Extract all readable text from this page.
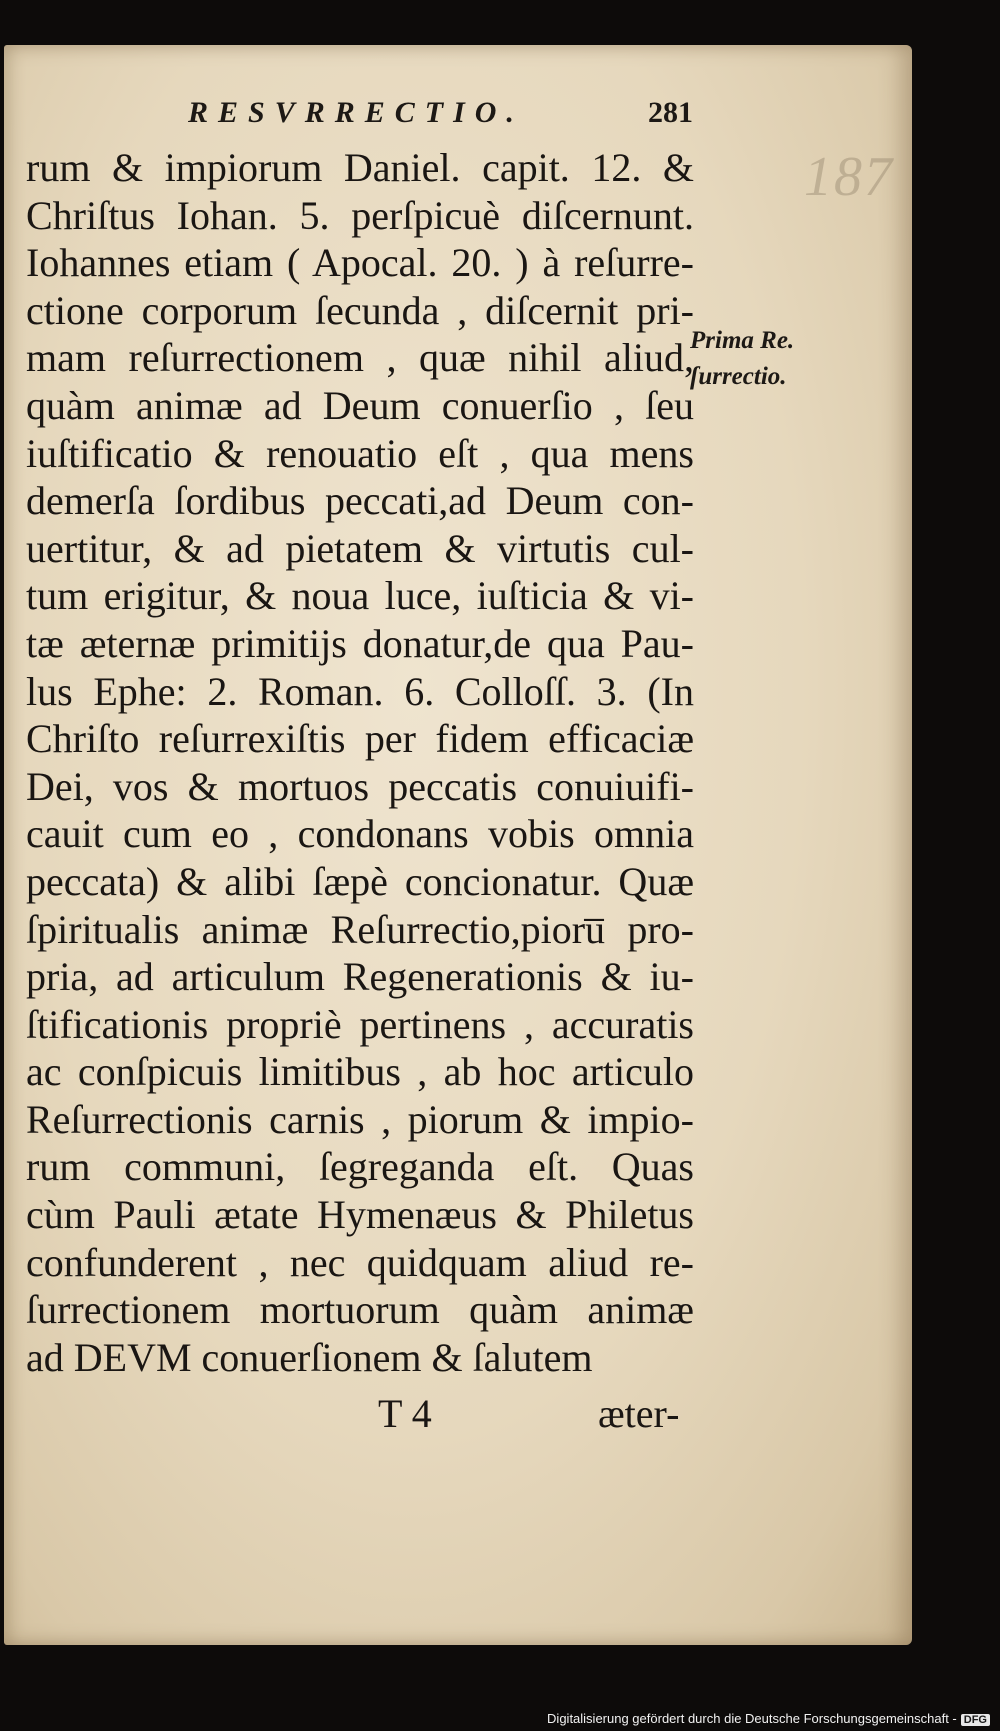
187
RESVRRECTIO.	281
rum & impiorum Daniel. capit. 12. &
Chriſtus Iohan. 5. perſpicuè diſcernunt.
Iohannes etiam ( Apocal. 20. ) à reſurre-
ctione corporum ſecunda , diſcernit pri-
mam reſurrectionem , quæ nihil aliud,
quàm animæ ad Deum conuerſio , ſeu
iuſtificatio & renouatio eſt , qua mens
demerſa ſordibus peccati,ad Deum con-
uertitur, & ad pietatem & virtutis cul-
tum erigitur, & noua luce, iuſticia & vi-
tæ æternæ primitijs donatur,de qua Pau-
lus Ephe: 2. Roman. 6. Colloſſ. 3. (In
Chriſto reſurrexiſtis per fidem efficaciæ
Dei, vos & mortuos peccatis conuiuifi-
cauit cum eo , condonans vobis omnia
peccata) & alibi ſæpè concionatur. Quæ
ſpiritualis animæ Reſurrectio,pioru̅ pro-
pria, ad articulum Regenerationis & iu-
ſtificationis propriè pertinens , accuratis
ac conſpicuis limitibus , ab hoc articulo
Reſurrectionis carnis , piorum & impio-
rum communi, ſegreganda eſt. Quas
cùm Pauli ætate Hymenæus & Philetus
confunderent , nec quidquam aliud re-
ſurrectionem mortuorum quàm animæ
ad DEVM conuerſionem & ſalutem
Prima Re.
ſurrectio.
T 4	æter-
Digitalisierung gefördert durch die Deutsche Forschungsgemeinschaft - DFG
